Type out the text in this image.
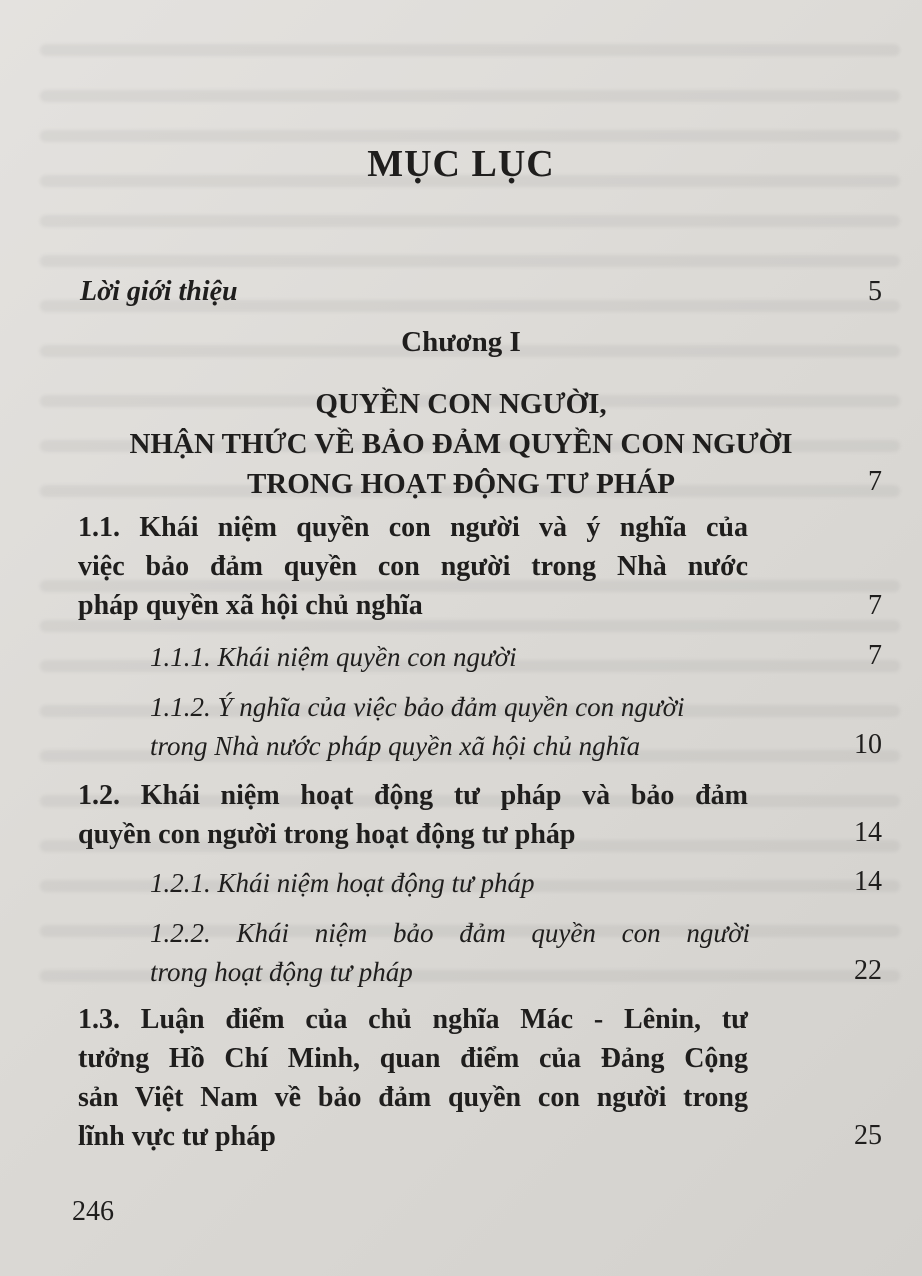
MỤC LỤC
Lời giới thiệu	5
Chương I
QUYỀN CON NGƯỜI,
NHẬN THỨC VỀ BẢO ĐẢM QUYỀN CON NGƯỜI
TRONG HOẠT ĐỘNG TƯ PHÁP	7
1.1. Khái niệm quyền con người và ý nghĩa của
việc bảo đảm quyền con người trong Nhà nước
pháp quyền xã hội chủ nghĩa	7
1.1.1. Khái niệm quyền con người	7
1.1.2. Ý nghĩa của việc bảo đảm quyền con người
trong Nhà nước pháp quyền xã hội chủ nghĩa	10
1.2. Khái niệm hoạt động tư pháp và bảo đảm
quyền con người trong hoạt động tư pháp	14
1.2.1. Khái niệm hoạt động tư pháp	14
1.2.2. Khái niệm bảo đảm quyền con người
trong hoạt động tư pháp	22
1.3. Luận điểm của chủ nghĩa Mác - Lênin, tư
tưởng Hồ Chí Minh, quan điểm của Đảng Cộng
sản Việt Nam về bảo đảm quyền con người trong
lĩnh vực tư pháp	25
246
